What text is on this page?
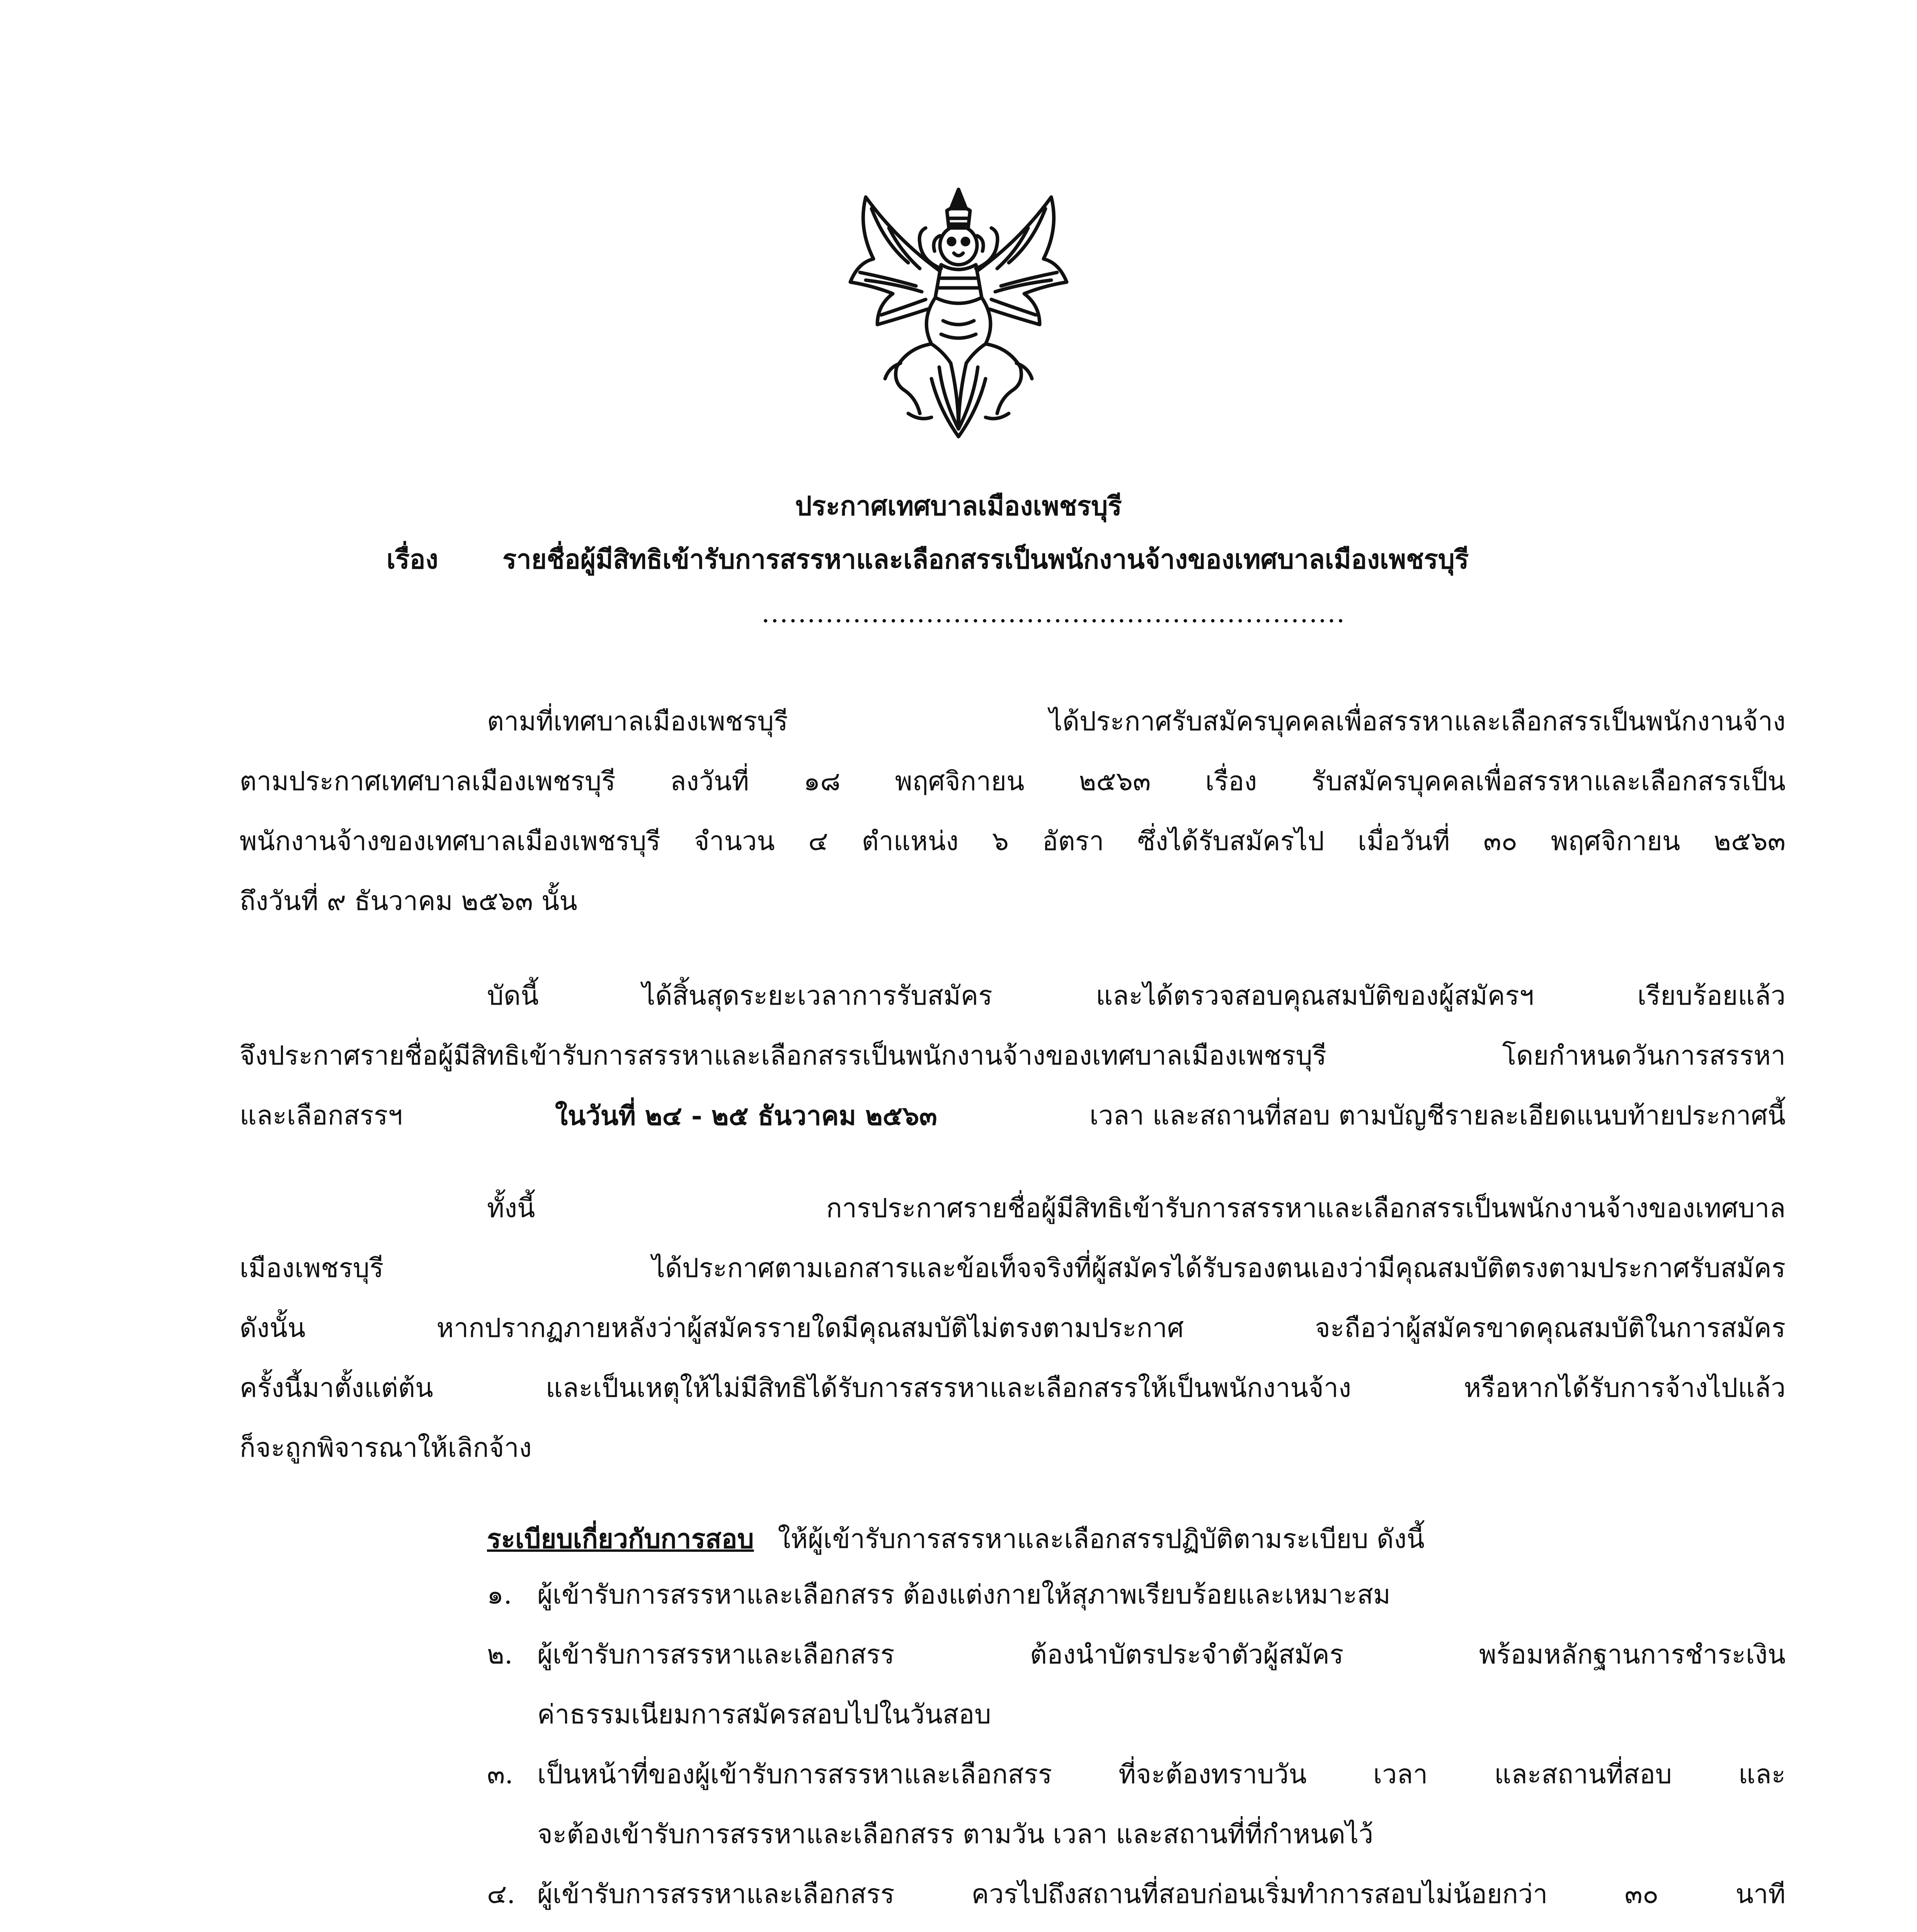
ประกาศเทศบาลเมืองเพชรบุรี
เรื่อง รายชื่อผู้มีสิทธิเข้ารับการสรรหาและเลือกสรรเป็นพนักงานจ้างของเทศบาลเมืองเพชรบุรี
................................................................
ตามที่เทศบาลเมืองเพชรบุรี ได้ประกาศรับสมัครบุคคลเพื่อสรรหาและเลือกสรรเป็นพนักงานจ้าง
ตามประกาศเทศบาลเมืองเพชรบุรี ลงวันที่ ๑๘ พฤศจิกายน ๒๕๖๓ เรื่อง รับสมัครบุคคลเพื่อสรรหาและเลือกสรรเป็น
พนักงานจ้างของเทศบาลเมืองเพชรบุรี จำนวน ๔ ตำแหน่ง ๖ อัตรา ซึ่งได้รับสมัครไป เมื่อวันที่ ๓๐ พฤศจิกายน ๒๕๖๓
ถึงวันที่ ๙ ธันวาคม ๒๕๖๓ นั้น
บัดนี้ ได้สิ้นสุดระยะเวลาการรับสมัคร และได้ตรวจสอบคุณสมบัติของผู้สมัครฯ เรียบร้อยแล้ว
จึงประกาศรายชื่อผู้มีสิทธิเข้ารับการสรรหาและเลือกสรรเป็นพนักงานจ้างของเทศบาลเมืองเพชรบุรี โดยกำหนดวันการสรรหา
และเลือกสรรฯ	ในวันที่ ๒๔ - ๒๕ ธันวาคม ๒๕๖๓	เวลา และสถานที่สอบ ตามบัญชีรายละเอียดแนบท้ายประกาศนี้
ทั้งนี้ การประกาศรายชื่อผู้มีสิทธิเข้ารับการสรรหาและเลือกสรรเป็นพนักงานจ้างของเทศบาล
เมืองเพชรบุรี ได้ประกาศตามเอกสารและข้อเท็จจริงที่ผู้สมัครได้รับรองตนเองว่ามีคุณสมบัติตรงตามประกาศรับสมัคร
ดังนั้น หากปรากฏภายหลังว่าผู้สมัครรายใดมีคุณสมบัติไม่ตรงตามประกาศ จะถือว่าผู้สมัครขาดคุณสมบัติในการสมัคร
ครั้งนี้มาตั้งแต่ต้น และเป็นเหตุให้ไม่มีสิทธิได้รับการสรรหาและเลือกสรรให้เป็นพนักงานจ้าง หรือหากได้รับการจ้างไปแล้ว
ก็จะถูกพิจารณาให้เลิกจ้าง
ระเบียบเกี่ยวกับการสอบ ให้ผู้เข้ารับการสรรหาและเลือกสรรปฏิบัติตามระเบียบ ดังนี้
๑. ผู้เข้ารับการสรรหาและเลือกสรร ต้องแต่งกายให้สุภาพเรียบร้อยและเหมาะสม
๒. ผู้เข้ารับการสรรหาและเลือกสรร ต้องนำบัตรประจำตัวผู้สมัคร พร้อมหลักฐานการชำระเงิน
ค่าธรรมเนียมการสมัครสอบไปในวันสอบ
๓. เป็นหน้าที่ของผู้เข้ารับการสรรหาและเลือกสรร ที่จะต้องทราบวัน เวลา และสถานที่สอบ และ
จะต้องเข้ารับการสรรหาและเลือกสรร ตามวัน เวลา และสถานที่ที่กำหนดไว้
๔. ผู้เข้ารับการสรรหาและเลือกสรร ควรไปถึงสถานที่สอบก่อนเริ่มทำการสอบไม่น้อยกว่า ๓๐ นาที
